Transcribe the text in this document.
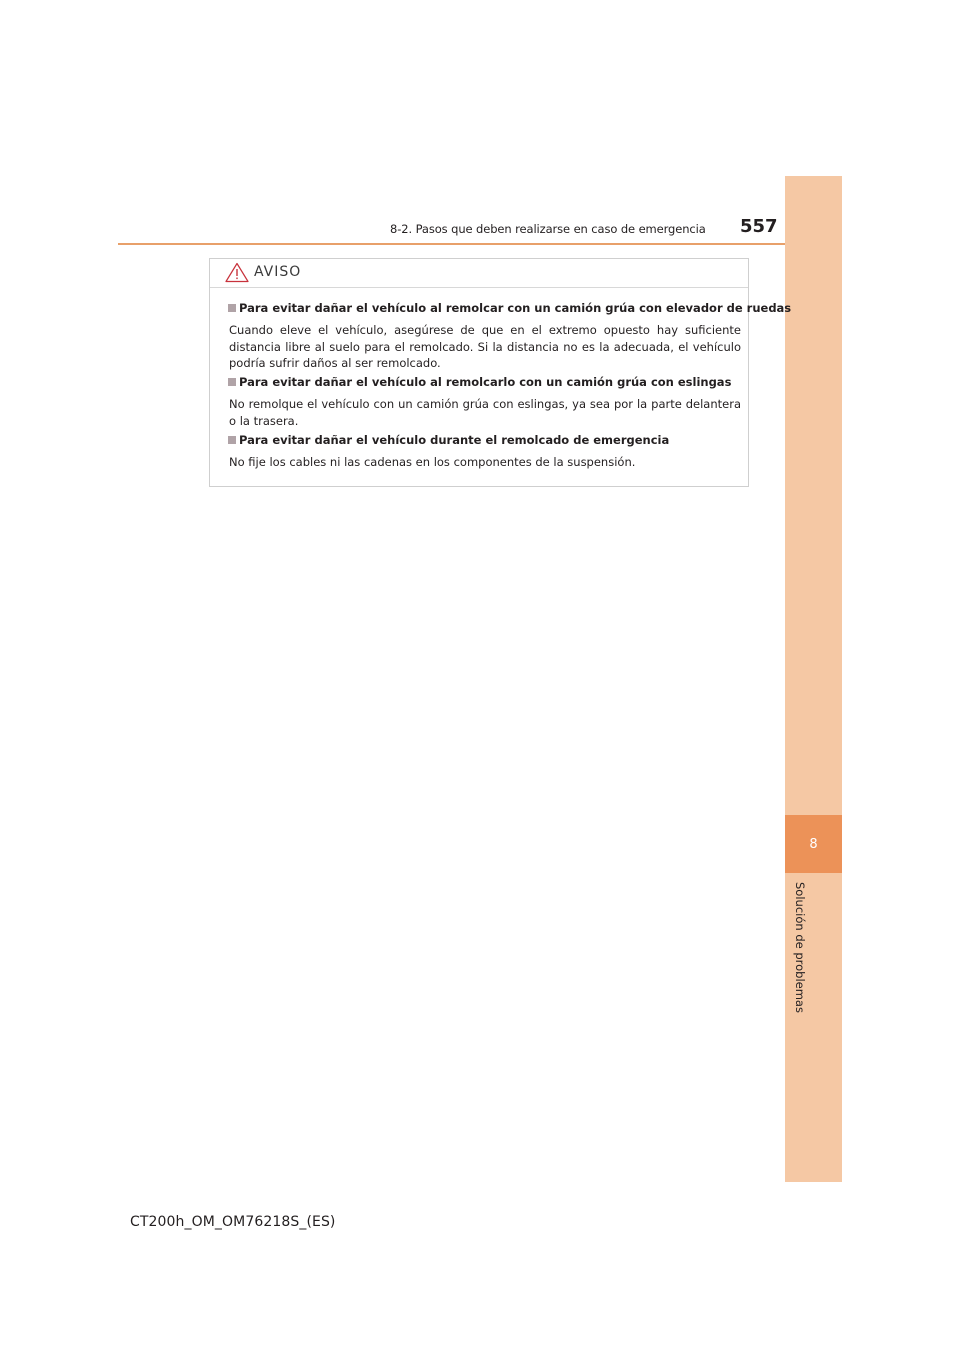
8-2. Pasos que deben realizarse en caso de emergencia 557
8
Solución de problemas
AVISO
Para evitar dañar el vehículo al remolcar con un camión grúa con elevador de ruedas
Cuando eleve el vehículo, asegúrese de que en el extremo opuesto hay suficiente distancia libre al suelo para el remolcado. Si la distancia no es la adecuada, el vehículo podría sufrir daños al ser remolcado.
Para evitar dañar el vehículo al remolcarlo con un camión grúa con eslingas
No remolque el vehículo con un camión grúa con eslingas, ya sea por la parte delantera o la trasera.
Para evitar dañar el vehículo durante el remolcado de emergencia
No fije los cables ni las cadenas en los componentes de la suspensión.
CT200h_OM_OM76218S_(ES)
